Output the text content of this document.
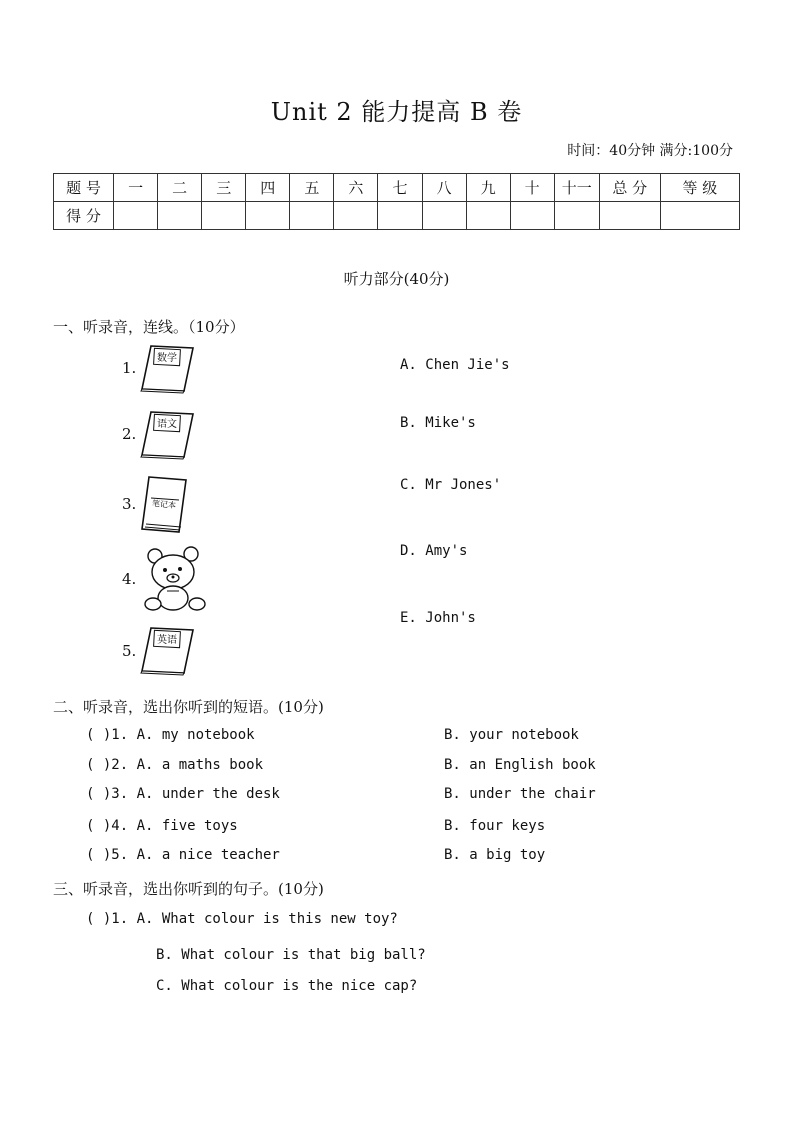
Unit 2 能力提高 B 卷
时间：40分钟 满分:100分
题 号	一	二	三	四	五	六	七	八	九	十	十一	总 分	等 级
得 分													
听力部分(40分)
一、听录音，连线。（10分）
1.
数学
2.
语文
3. 笔记本
4.
5.
英语
A. Chen Jie's
B. Mike's
C. Mr Jones'
D. Amy's
E. John's
二、听录音，选出你听到的短语。(10分)
( )1. A. my notebook	B. your notebook
( )2. A. a maths book	B. an English book
( )3. A. under the desk	B. under the chair
( )4. A. five toys	B. four keys
( )5. A. a nice teacher	B. a big toy
三、听录音，选出你听到的句子。(10分)
( )1. A. What colour is this new toy?
B. What colour is that big ball?
C. What colour is the nice cap?
